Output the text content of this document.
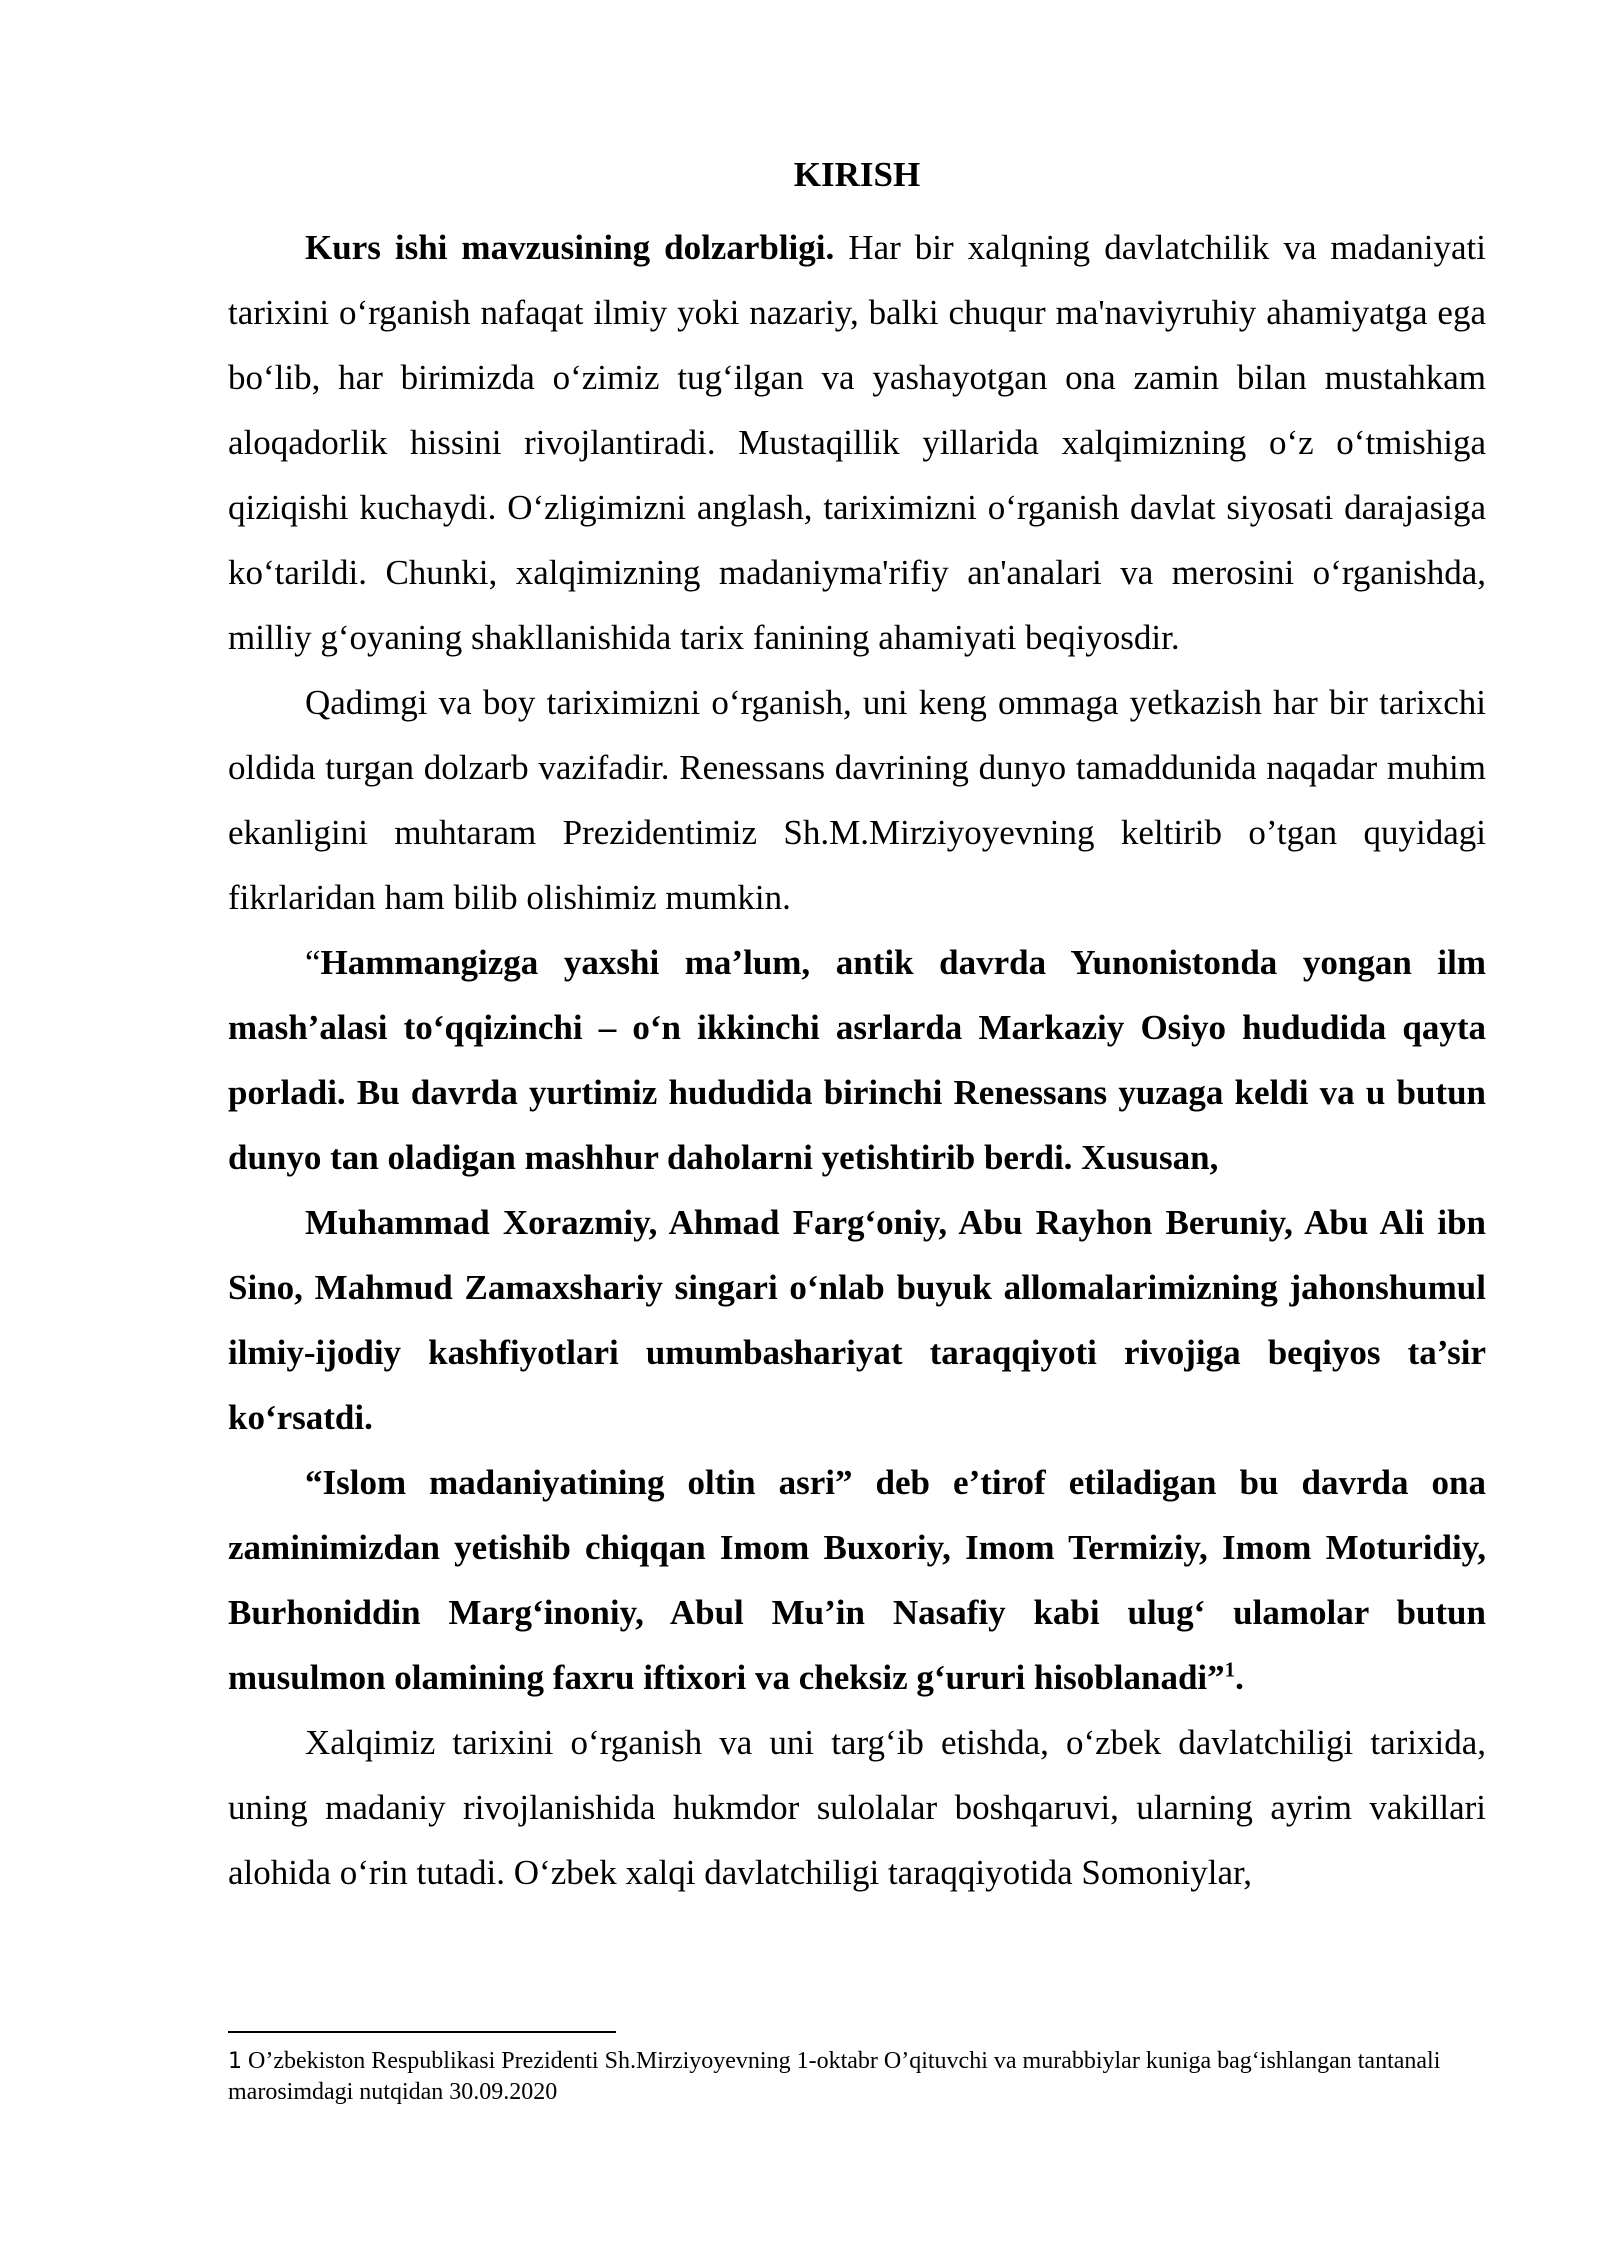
KIRISH

Kurs ishi mavzusining dolzarbligi. Har bir xalqning davlatchilik va madaniyati tarixini o‘rganish nafaqat ilmiy yoki nazariy, balki chuqur ma'naviyruhiy ahamiyatga ega bo‘lib, har birimizda o‘zimiz tug‘ilgan va yashayotgan ona zamin bilan mustahkam aloqadorlik hissini rivojlantiradi. Mustaqillik yillarida xalqimizning o‘z o‘tmishiga qiziqishi kuchaydi. O‘zligimizni anglash, tariximizni o‘rganish davlat siyosati darajasiga ko‘tarildi. Chunki, xalqimizning madaniyma'rifiy an'analari va merosini o‘rganishda, milliy g‘oyaning shakllanishida tarix fanining ahamiyati beqiyosdir.

Qadimgi va boy tariximizni o‘rganish, uni keng ommaga yetkazish har bir tarixchi oldida turgan dolzarb vazifadir. Renessans davrining dunyo tamaddunida naqadar muhim ekanligini muhtaram Prezidentimiz Sh.M.Mirziyoyevning keltirib o’tgan quyidagi fikrlaridan ham bilib olishimiz mumkin.

“Hammangizga yaxshi ma’lum, antik davrda Yunonistonda yongan ilm mash’alasi to‘qqizinchi – o‘n ikkinchi asrlarda Markaziy Osiyo hududida qayta porladi. Bu davrda yurtimiz hududida birinchi Renessans yuzaga keldi va u butun dunyo tan oladigan mashhur daholarni yetishtirib berdi. Xususan,

Muhammad Xorazmiy, Ahmad Farg‘oniy, Abu Rayhon Beruniy, Abu Ali ibn Sino, Mahmud Zamaxshariy singari o‘nlab buyuk allomalarimizning jahonshumul ilmiy-ijodiy kashfiyotlari umumbashariyat taraqqiyoti rivojiga beqiyos ta’sir ko‘rsatdi.

“Islom madaniyatining oltin asri” deb e’tirof etiladigan bu davrda ona zaminimizdan yetishib chiqqan Imom Buxoriy, Imom Termiziy, Imom Moturidiy, Burhoniddin Marg‘inoniy, Abul Mu’in Nasafiy kabi ulug‘ ulamolar butun musulmon olamining faxru iftixori va cheksiz g‘ururi hisoblanadi”$^1$.

Xalqimiz tarixini o‘rganish va uni targ‘ib etishda, o‘zbek davlatchiligi tarixida, uning madaniy rivojlanishida hukmdor sulolalar boshqaruvi, ularning ayrim vakillari alohida o‘rin tutadi. O‘zbek xalqi davlatchiligi taraqqiyotida Somoniylar,

1 O’zbekiston Respublikasi Prezidenti Sh.Mirziyoyevning 1-oktabr O’qituvchi va murabbiylar kuniga bag‘ishlangan tantanali marosimdagi nutqidan 30.09.2020
